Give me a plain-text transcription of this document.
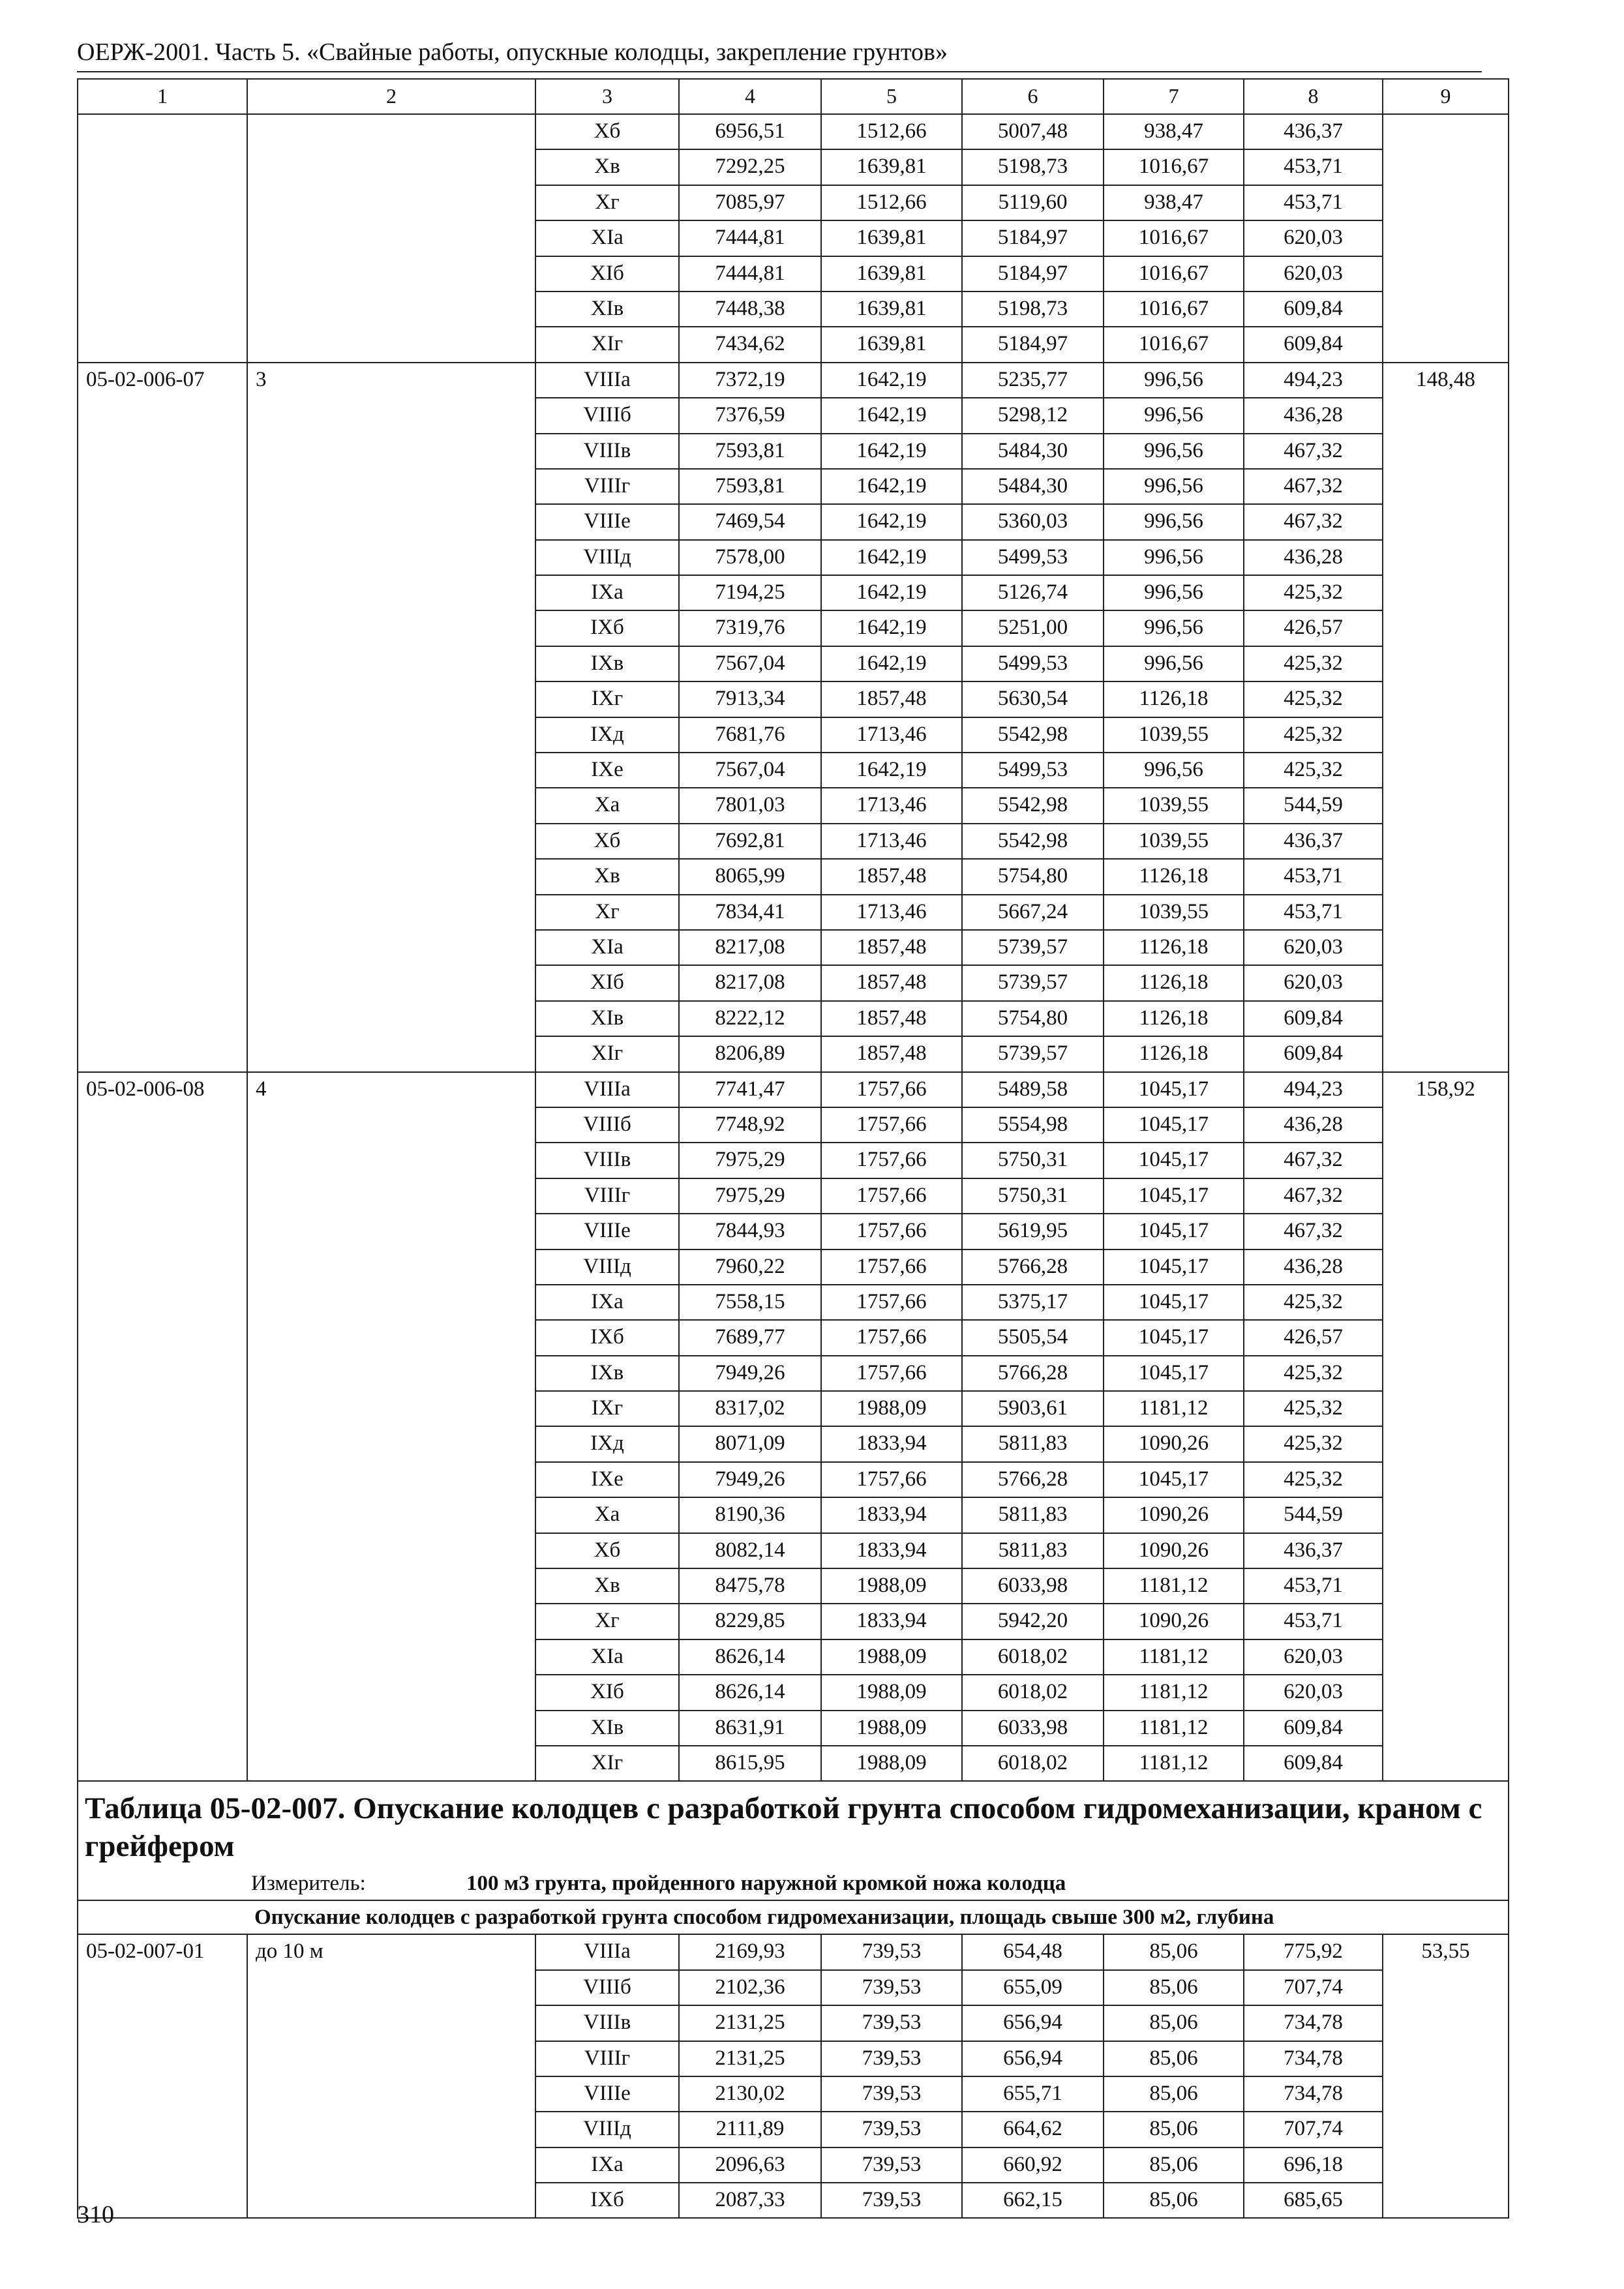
ОЕРЖ-2001. Часть 5. «Свайные работы, опускные колодцы, закрепление грунтов»
1	2	3	4	5	6	7	8	9
		Xб	6956,51	1512,66	5007,48	938,47	436,37	
		Xв	7292,25	1639,81	5198,73	1016,67	453,71	
		Xг	7085,97	1512,66	5119,60	938,47	453,71	
		XIа	7444,81	1639,81	5184,97	1016,67	620,03	
		XIб	7444,81	1639,81	5184,97	1016,67	620,03	
		XIв	7448,38	1639,81	5198,73	1016,67	609,84	
		XIг	7434,62	1639,81	5184,97	1016,67	609,84	
05-02-006-07	3	VIIIа	7372,19	1642,19	5235,77	996,56	494,23	148,48
		VIIIб	7376,59	1642,19	5298,12	996,56	436,28	
		VIIIв	7593,81	1642,19	5484,30	996,56	467,32	
		VIIIг	7593,81	1642,19	5484,30	996,56	467,32	
		VIIIе	7469,54	1642,19	5360,03	996,56	467,32	
		VIIIд	7578,00	1642,19	5499,53	996,56	436,28	
		IXа	7194,25	1642,19	5126,74	996,56	425,32	
		IXб	7319,76	1642,19	5251,00	996,56	426,57	
		IXв	7567,04	1642,19	5499,53	996,56	425,32	
		IXг	7913,34	1857,48	5630,54	1126,18	425,32	
		IXд	7681,76	1713,46	5542,98	1039,55	425,32	
		IXе	7567,04	1642,19	5499,53	996,56	425,32	
		Xа	7801,03	1713,46	5542,98	1039,55	544,59	
		Xб	7692,81	1713,46	5542,98	1039,55	436,37	
		Xв	8065,99	1857,48	5754,80	1126,18	453,71	
		Xг	7834,41	1713,46	5667,24	1039,55	453,71	
		XIа	8217,08	1857,48	5739,57	1126,18	620,03	
		XIб	8217,08	1857,48	5739,57	1126,18	620,03	
		XIв	8222,12	1857,48	5754,80	1126,18	609,84	
		XIг	8206,89	1857,48	5739,57	1126,18	609,84	
05-02-006-08	4	VIIIа	7741,47	1757,66	5489,58	1045,17	494,23	158,92
		VIIIб	7748,92	1757,66	5554,98	1045,17	436,28	
		VIIIв	7975,29	1757,66	5750,31	1045,17	467,32	
		VIIIг	7975,29	1757,66	5750,31	1045,17	467,32	
		VIIIе	7844,93	1757,66	5619,95	1045,17	467,32	
		VIIIд	7960,22	1757,66	5766,28	1045,17	436,28	
		IXа	7558,15	1757,66	5375,17	1045,17	425,32	
		IXб	7689,77	1757,66	5505,54	1045,17	426,57	
		IXв	7949,26	1757,66	5766,28	1045,17	425,32	
		IXг	8317,02	1988,09	5903,61	1181,12	425,32	
		IXд	8071,09	1833,94	5811,83	1090,26	425,32	
		IXе	7949,26	1757,66	5766,28	1045,17	425,32	
		Xа	8190,36	1833,94	5811,83	1090,26	544,59	
		Xб	8082,14	1833,94	5811,83	1090,26	436,37	
		Xв	8475,78	1988,09	6033,98	1181,12	453,71	
		Xг	8229,85	1833,94	5942,20	1090,26	453,71	
		XIа	8626,14	1988,09	6018,02	1181,12	620,03	
		XIб	8626,14	1988,09	6018,02	1181,12	620,03	
		XIв	8631,91	1988,09	6033,98	1181,12	609,84	
		XIг	8615,95	1988,09	6018,02	1181,12	609,84	

Таблица 05-02-007. Опускание колодцев с разработкой грунта способом гидромеханизации, краном с грейфером
Измеритель: 100 м3 грунта, пройденного наружной кромкой ножа колодца								

Опускание колодцев с разработкой грунта способом гидромеханизации, площадь свыше 300 м2, глубина								
05-02-007-01	до 10 м	VIIIа	2169,93	739,53	654,48	85,06	775,92	53,55
		VIIIб	2102,36	739,53	655,09	85,06	707,74	
		VIIIв	2131,25	739,53	656,94	85,06	734,78	
		VIIIг	2131,25	739,53	656,94	85,06	734,78	
		VIIIе	2130,02	739,53	655,71	85,06	734,78	
		VIIIд	2111,89	739,53	664,62	85,06	707,74	
		IXа	2096,63	739,53	660,92	85,06	696,18	
		IXб	2087,33	739,53	662,15	85,06	685,65	
310
